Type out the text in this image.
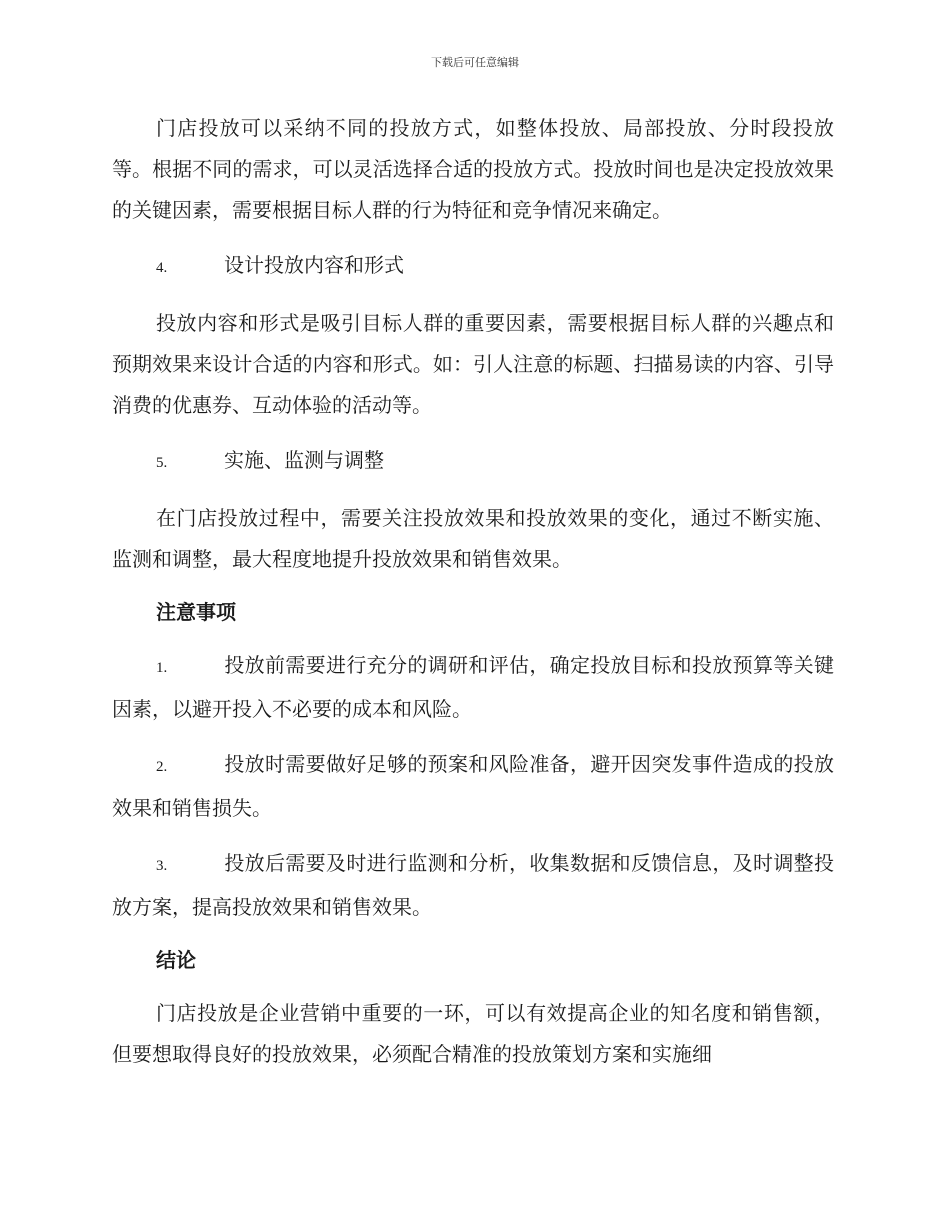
下载后可任意编辑

门店投放可以采纳不同的投放方式，如整体投放、局部投放、分时段投放等。根据不同的需求，可以灵活选择合适的投放方式。投放时间也是决定投放效果的关键因素，需要根据目标人群的行为特征和竞争情况来确定。

4.	设计投放内容和形式

投放内容和形式是吸引目标人群的重要因素，需要根据目标人群的兴趣点和预期效果来设计合适的内容和形式。如：引人注意的标题、扫描易读的内容、引导消费的优惠券、互动体验的活动等。

5.	实施、监测与调整

在门店投放过程中，需要关注投放效果和投放效果的变化，通过不断实施、监测和调整，最大程度地提升投放效果和销售效果。

注意事项

1.	投放前需要进行充分的调研和评估，确定投放目标和投放预算等关键因素，以避开投入不必要的成本和风险。

2.	投放时需要做好足够的预案和风险准备，避开因突发事件造成的投放效果和销售损失。

3.	投放后需要及时进行监测和分析，收集数据和反馈信息，及时调整投放方案，提高投放效果和销售效果。

结论

门店投放是企业营销中重要的一环，可以有效提高企业的知名度和销售额，但要想取得良好的投放效果，必须配合精准的投放策划方案和实施细
